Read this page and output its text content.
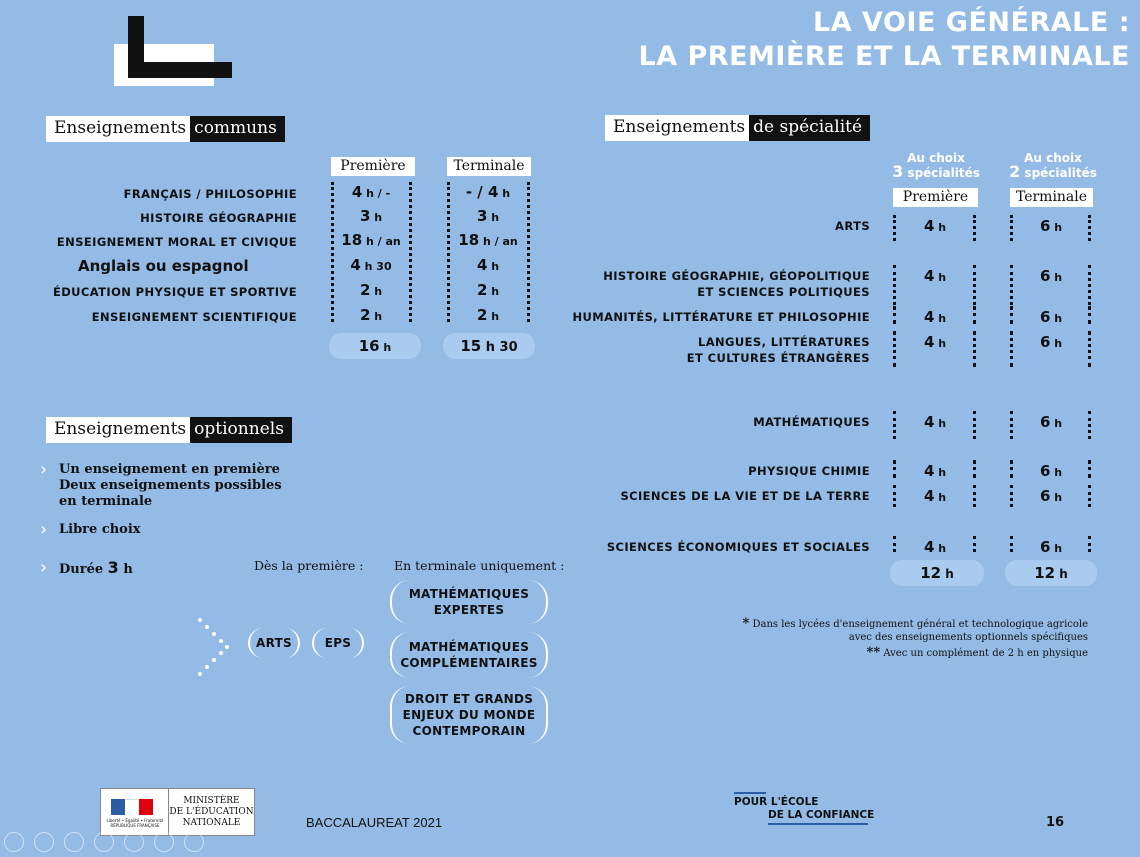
LA VOIE GÉNÉRALE :
LA PREMIÈRE ET LA TERMINALE
Enseignements communs
Première	Terminale
FRANÇAIS / PHILOSOPHIE	4 h / -	- / 4 h
HISTOIRE GÉOGRAPHIE	3 h	3 h
ENSEIGNEMENT MORAL ET CIVIQUE	18 h / an	18 h / an
Anglais ou espagnol	4 h 30	4 h
ÉDUCATION PHYSIQUE ET SPORTIVE	2 h	2 h
ENSEIGNEMENT SCIENTIFIQUE	2 h	2 h
16 h	15 h 30
Enseignements optionnels
› Un enseignement en première
Deux enseignements possibles
en terminale
› Libre choix
› Durée 3 h	Dès la première : En terminale uniquement :
ARTS	EPS
MATHÉMATIQUES
EXPERTES
MATHÉMATIQUES
COMPLÉMENTAIRES
DROIT ET GRANDS
ENJEUX DU MONDE
CONTEMPORAIN
Enseignements de spécialité
Au choix
3 spécialités
Au choix
2 spécialités
Première	Terminale
ARTS	4 h	6 h
HISTOIRE GÉOGRAPHIE, GÉOPOLITIQUE
ET SCIENCES POLITIQUES
4 h	6 h
HUMANITÉS, LITTÉRATURE ET PHILOSOPHIE	4 h	6 h
LANGUES, LITTÉRATURES
ET CULTURES ÉTRANGÈRES
4 h	6 h
MATHÉMATIQUES	4 h	6 h
PHYSIQUE CHIMIE	4 h	6 h
SCIENCES DE LA VIE ET DE LA TERRE	4 h	6 h
SCIENCES ÉCONOMIQUES ET SOCIALES	4 h	6 h
12 h	12 h
* Dans les lycées d'enseignement général et technologique agricole
avec des enseignements optionnels spécifiques
** Avec un complément de 2 h en physique
Liberté • Égalité • Fraternité
RÉPUBLIQUE FRANÇAISE
MINISTÈRE
DE L'ÉDUCATION
NATIONALE	BACCALAUREAT 2021
POUR L'ÉCOLE
DE LA CONFIANCE	16
